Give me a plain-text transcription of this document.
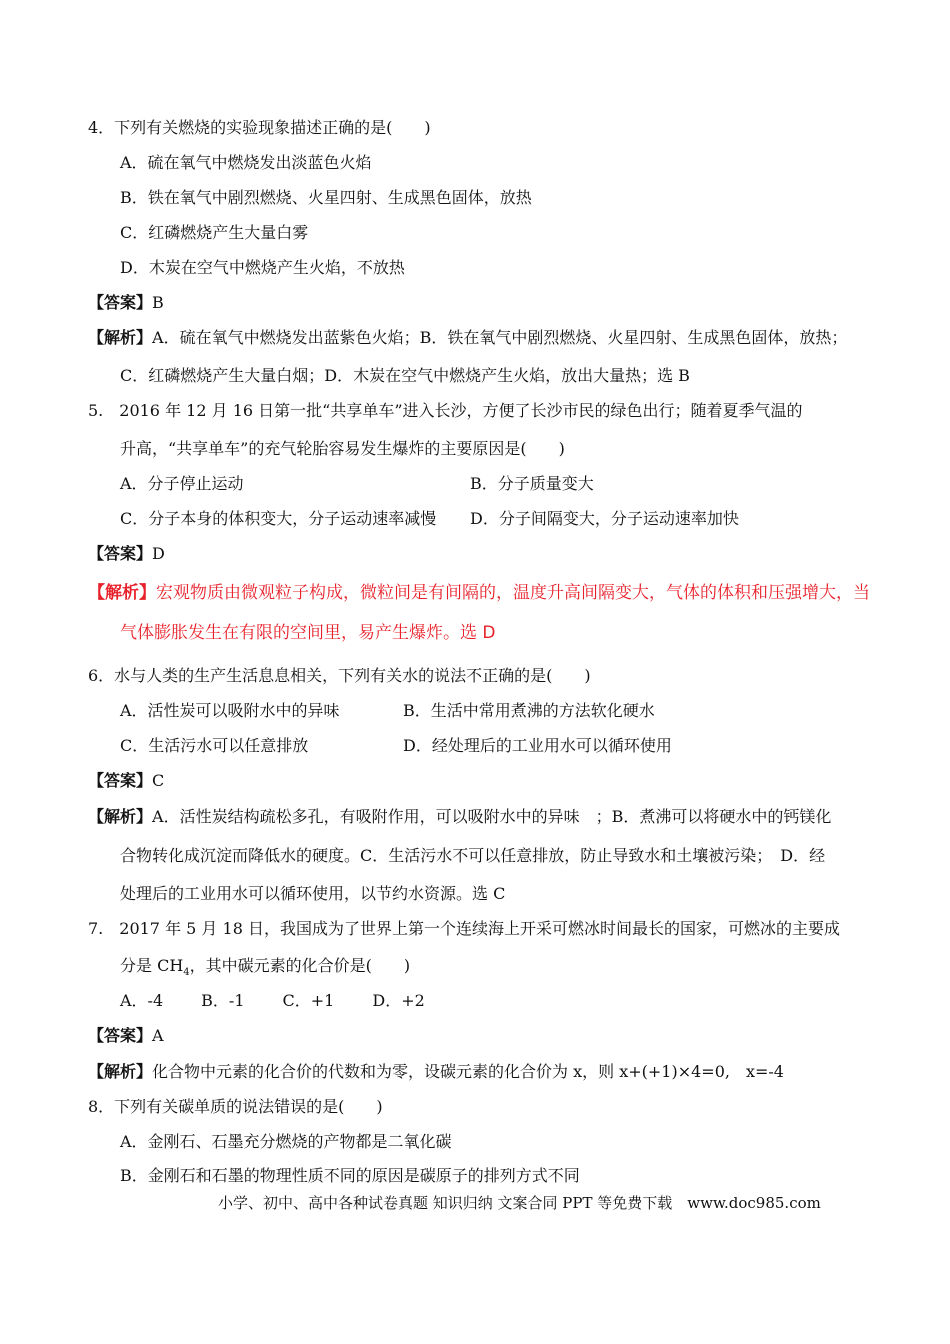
4．下列有关燃烧的实验现象描述正确的是(　　)
A．硫在氧气中燃烧发出淡蓝色火焰
B．铁在氧气中剧烈燃烧、火星四射、生成黑色固体，放热
C．红磷燃烧产生大量白雾
D．木炭在空气中燃烧产生火焰，不放热
【答案】B
【解析】A．硫在氧气中燃烧发出蓝紫色火焰；B．铁在氧气中剧烈燃烧、火星四射、生成黑色固体，放热；
C．红磷燃烧产生大量白烟；D．木炭在空气中燃烧产生火焰，放出大量热；选 B
5.　2016 年 12 月 16 日第一批“共享单车”进入长沙，方便了长沙市民的绿色出行；随着夏季气温的
升高，“共享单车”的充气轮胎容易发生爆炸的主要原因是(　　)
A．分子停止运动	B．分子质量变大
C．分子本身的体积变大，分子运动速率减慢 D．分子间隔变大，分子运动速率加快
【答案】D
【解析】宏观物质由微观粒子构成，微粒间是有间隔的，温度升高间隔变大，气体的体积和压强增大，当
气体膨胀发生在有限的空间里，易产生爆炸。选 D
6．水与人类的生产生活息息相关，下列有关水的说法不正确的是(　　)
A．活性炭可以吸附水中的异味	B．生活中常用煮沸的方法软化硬水
C．生活污水可以任意排放	D．经处理后的工业用水可以循环使用
【答案】C
【解析】A．活性炭结构疏松多孔，有吸附作用，可以吸附水中的异味　；B．煮沸可以将硬水中的钙镁化
合物转化成沉淀而降低水的硬度。C．生活污水不可以任意排放，防止导致水和土壤被污染；　D．经
处理后的工业用水可以循环使用，以节约水资源。选 C
7.　2017 年 5 月 18 日，我国成为了世界上第一个连续海上开采可燃冰时间最长的国家，可燃冰的主要成
分是 $CH_4$，其中碳元素的化合价是(　　)
A．-4 B．-1 C．+1 D．+2
【答案】A
【解析】化合物中元素的化合价的代数和为零，设碳元素的化合价为 x，则 x+(+1)×4=0,　x=-4
8．下列有关碳单质的说法错误的是(　　)
A．金刚石、石墨充分燃烧的产物都是二氧化碳
B．金刚石和石墨的物理性质不同的原因是碳原子的排列方式不同
小学、初中、高中各种试卷真题 知识归纳 文案合同 PPT 等免费下载　www.doc985.com
